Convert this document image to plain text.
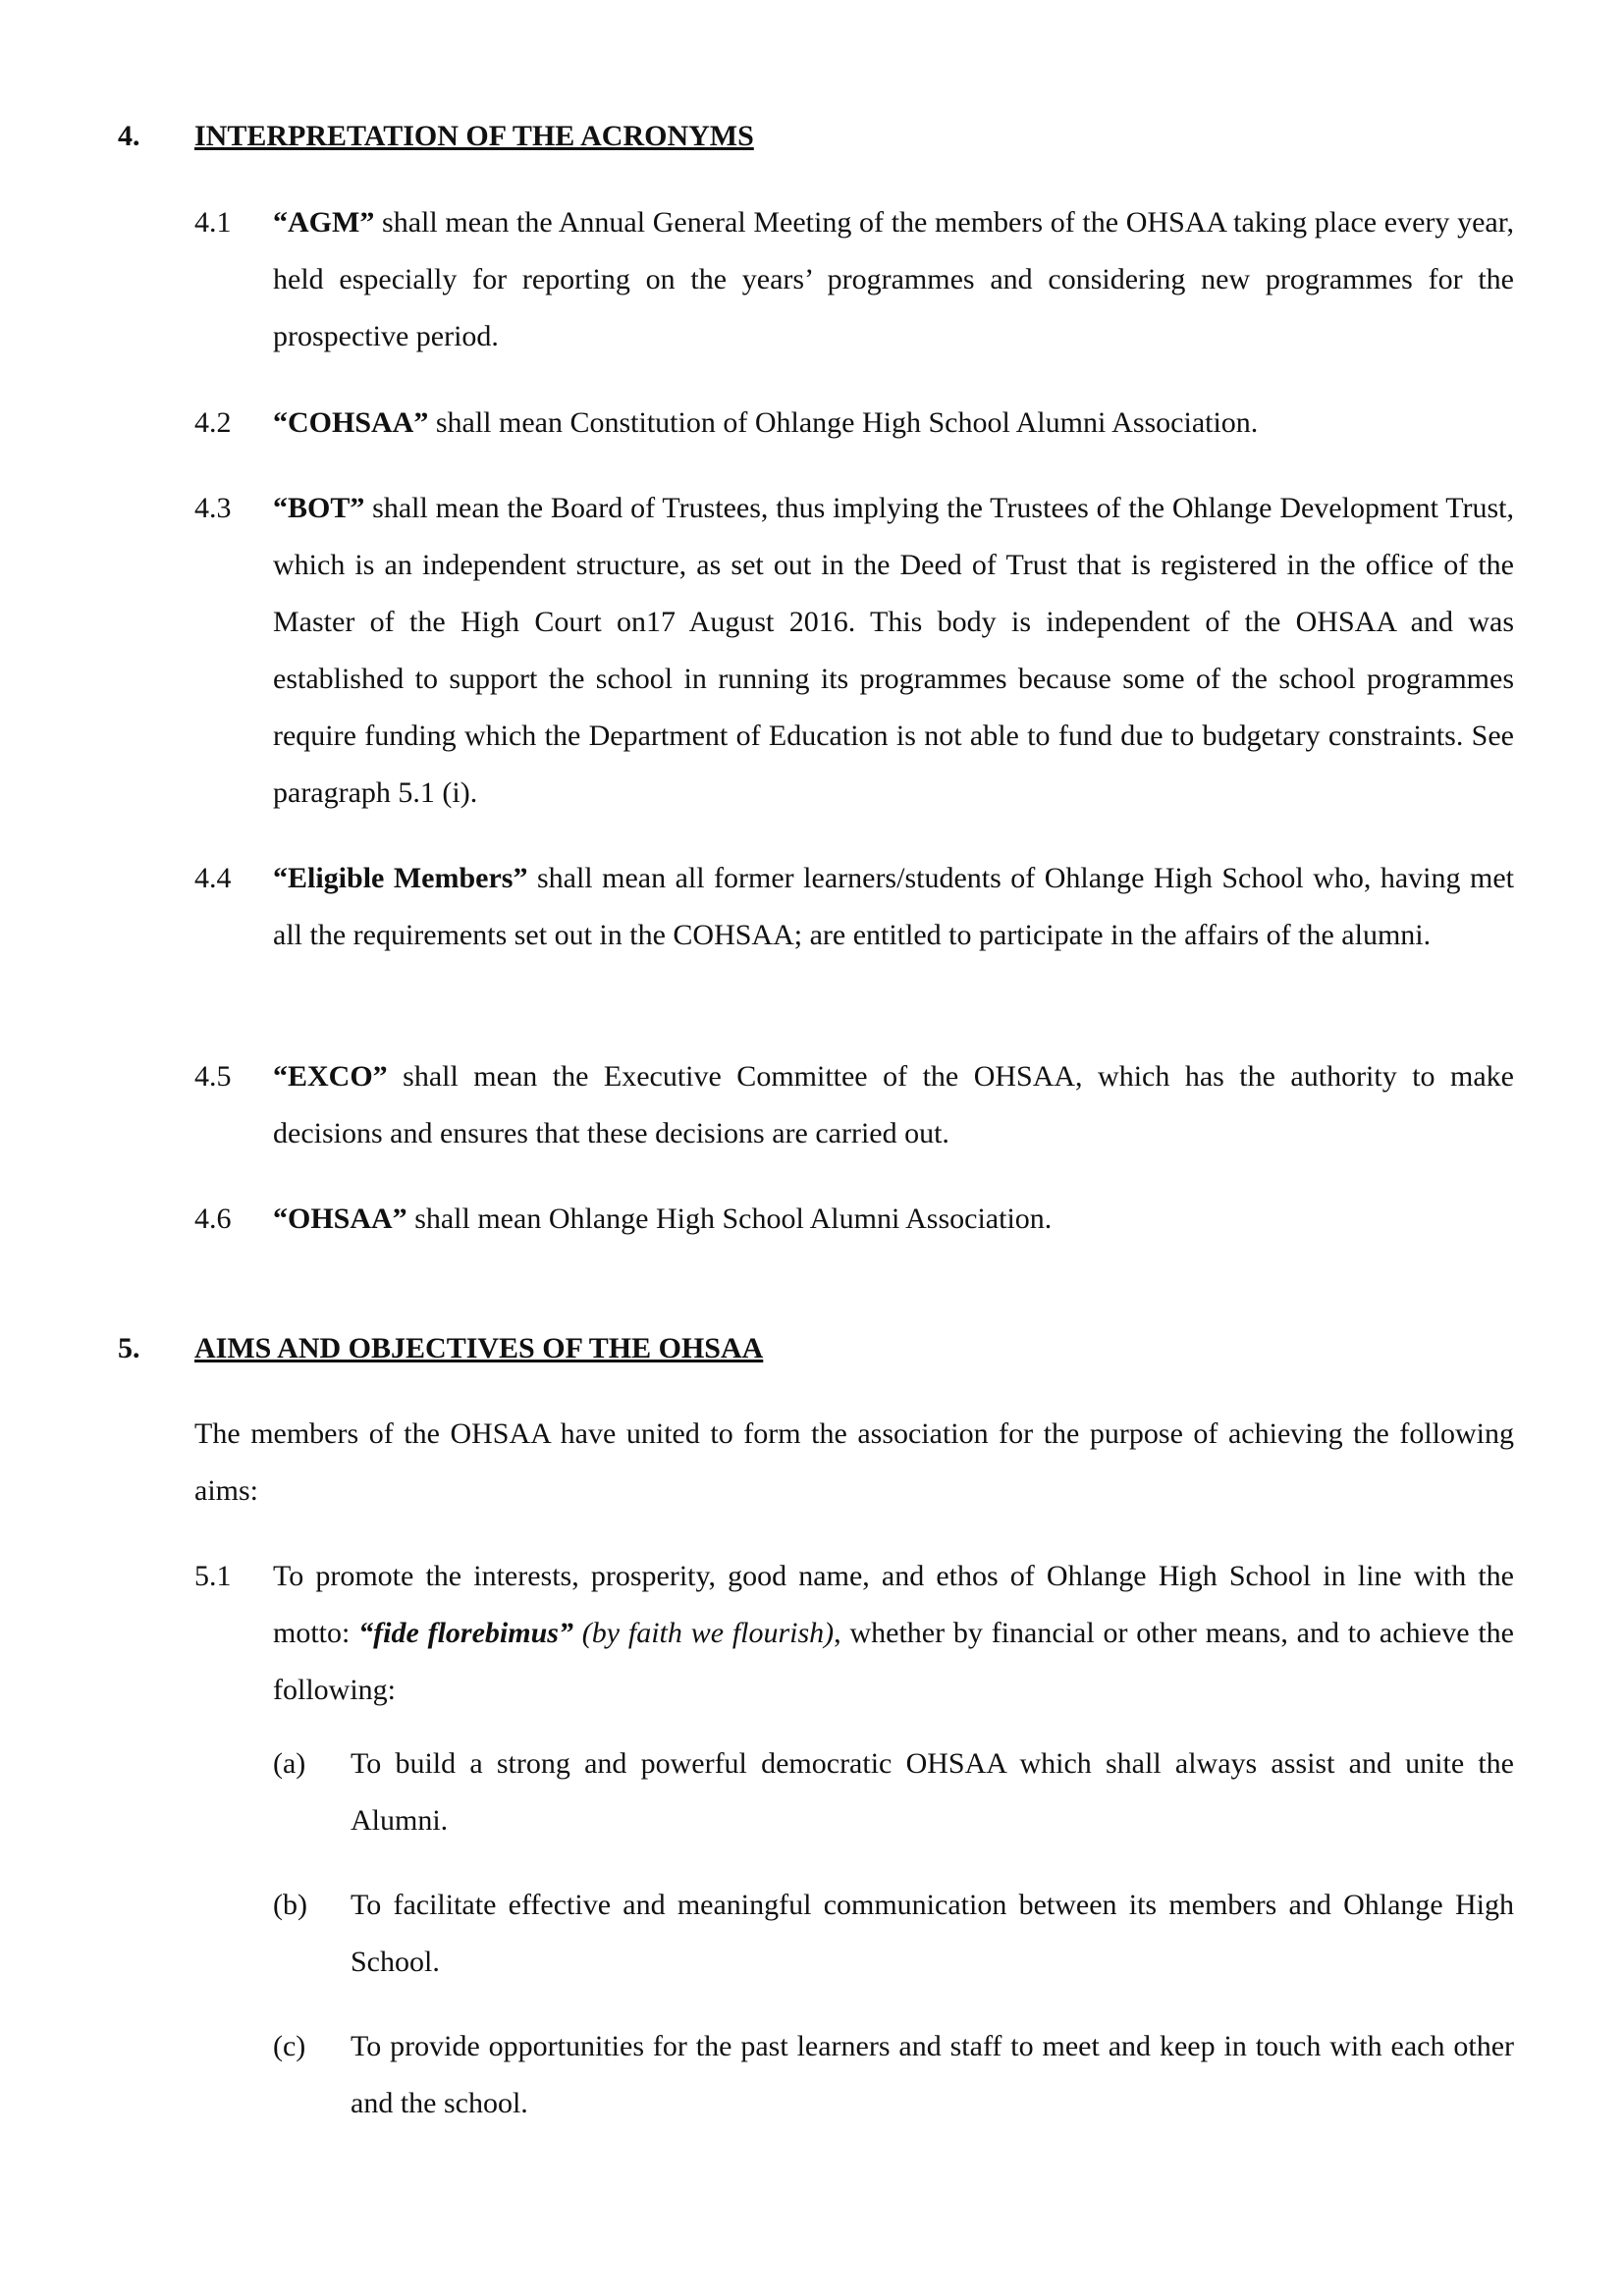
4. INTERPRETATION OF THE ACRONYMS
4.1 “AGM” shall mean the Annual General Meeting of the members of the OHSAA taking place every year, held especially for reporting on the years’ programmes and considering new programmes for the prospective period.
4.2 “COHSAA” shall mean Constitution of Ohlange High School Alumni Association.
4.3 “BOT” shall mean the Board of Trustees, thus implying the Trustees of the Ohlange Development Trust, which is an independent structure, as set out in the Deed of Trust that is registered in the office of the Master of the High Court on17 August 2016. This body is independent of the OHSAA and was established to support the school in running its programmes because some of the school programmes require funding which the Department of Education is not able to fund due to budgetary constraints. See paragraph 5.1 (i).
4.4 “Eligible Members” shall mean all former learners/students of Ohlange High School who, having met all the requirements set out in the COHSAA; are entitled to participate in the affairs of the alumni.
4.5 “EXCO” shall mean the Executive Committee of the OHSAA, which has the authority to make decisions and ensures that these decisions are carried out.
4.6 “OHSAA” shall mean Ohlange High School Alumni Association.
5. AIMS AND OBJECTIVES OF THE OHSAA
The members of the OHSAA have united to form the association for the purpose of achieving the following aims:
5.1 To promote the interests, prosperity, good name, and ethos of Ohlange High School in line with the motto: “fide florebimus” (by faith we flourish), whether by financial or other means, and to achieve the following:
(a) To build a strong and powerful democratic OHSAA which shall always assist and unite the Alumni.
(b) To facilitate effective and meaningful communication between its members and Ohlange High School.
(c) To provide opportunities for the past learners and staff to meet and keep in touch with each other and the school.
